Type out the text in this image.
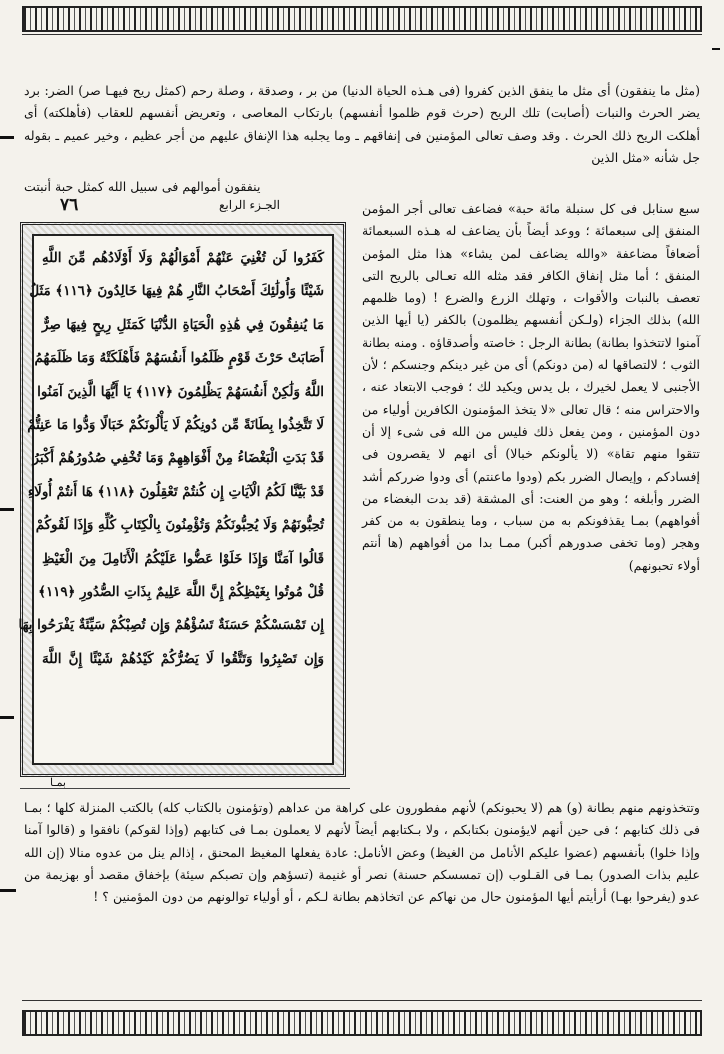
(مثل ما ينفقون) أى مثل ما ينفق الذين كفروا (فى هـذه الحياة الدنيا) من بر ، وصدقة ، وصلة رحم (كمثل ريح فيهـا صر) الضر: برد يضر الحرث والنبات (أصابت) تلك الريح (حرث قوم ظلموا أنفسهم) بارتكاب المعاصى ، وتعريض أنفسهم للعقاب (فأهلكته) أى أهلكت الريح ذلك الحرث . وقد وصف تعالى المؤمنين فى إنفاقهم ـ وما يجلبه هذا الإنفاق عليهم من أجر عظيم ، وخير عميم ـ بقوله جل شأنه «مثل الذين

ينفقون أموالهم فى سبيل الله كمثل حبة أنبتت

٧٦	الجـزء الرابع

كَفَرُوا لَن تُغْنِيَ عَنْهُمْ أَمْوَالُهُمْ وَلَا أَوْلَادُهُم مِّنَ اللَّهِ

شَيْئًا وَأُولَٰئِكَ أَصْحَابُ النَّارِ هُمْ فِيهَا خَالِدُونَ ﴿١١٦﴾ مَثَلُ

مَا يُنفِقُونَ فِي هَٰذِهِ الْحَيَاةِ الدُّنْيَا كَمَثَلِ رِيحٍ فِيهَا صِرٌّ

أَصَابَتْ حَرْثَ قَوْمٍ ظَلَمُوا أَنفُسَهُمْ فَأَهْلَكَتْهُ وَمَا ظَلَمَهُمُ

اللَّهُ وَلَٰكِنْ أَنفُسَهُمْ يَظْلِمُونَ ﴿١١٧﴾ يَا أَيُّهَا الَّذِينَ آمَنُوا

لَا تَتَّخِذُوا بِطَانَةً مِّن دُونِكُمْ لَا يَأْلُونَكُمْ خَبَالًا وَدُّوا مَا عَنِتُّمْ

قَدْ بَدَتِ الْبَغْضَاءُ مِنْ أَفْوَاهِهِمْ وَمَا تُخْفِي صُدُورُهُمْ أَكْبَرُ

قَدْ بَيَّنَّا لَكُمُ الْآيَاتِ إِن كُنتُمْ تَعْقِلُونَ ﴿١١٨﴾ هَا أَنتُمْ أُولَاءِ

تُحِبُّونَهُمْ وَلَا يُحِبُّونَكُمْ وَتُؤْمِنُونَ بِالْكِتَابِ كُلِّهِ وَإِذَا لَقُوكُمْ

قَالُوا آمَنَّا وَإِذَا خَلَوْا عَضُّوا عَلَيْكُمُ الْأَنَامِلَ مِنَ الْغَيْظِ

قُلْ مُوتُوا بِغَيْظِكُمْ إِنَّ اللَّهَ عَلِيمٌ بِذَاتِ الصُّدُورِ ﴿١١٩﴾

إِن تَمْسَسْكُمْ حَسَنَةٌ تَسُؤْهُمْ وَإِن تُصِبْكُمْ سَيِّئَةٌ يَفْرَحُوا بِهَا

وَإِن تَصْبِرُوا وَتَتَّقُوا لَا يَضُرُّكُمْ كَيْدُهُمْ شَيْئًا إِنَّ اللَّهَ

بمـا

سبع سنابل فى كل سنبلة مائة حبة» فضاعف تعالى أجر المؤمن المنفق إلى سبعمائة ؛ ووعد أيضاً بأن يضاعف له هـذه السبعمائة أضعافاً مضاعفة «والله يضاعف لمن يشاء» هذا مثل المؤمن المنفق ؛ أما مثل إنفاق الكافر فقد مثله الله تعـالى بالريح التى تعصف بالنبات والأقوات ، وتهلك الزرع والضرع ! (وما ظلمهم الله) بذلك الجزاء (ولـكن أنفسهم يظلمون) بالكفر (يا أيها الذين آمنوا لاتتخذوا بطانة) بطانة الرجل : خاصته وأصدقاؤه . ومنه بطانة الثوب ؛ لالتصاقها له (من دونكم) أى من غير دينكم وجنسكم ؛ لأن الأجنبى لا يعمل لخيرك ، بل يدس ويكيد لك ؛ فوجب الابتعاد عنه ، والاحتراس منه ؛ قال تعالى «لا يتخذ المؤمنون الكافرين أولياء من دون المؤمنين ، ومن يفعل ذلك فليس من الله فى شىء إلا أن تتقوا منهم تقاة» (لا يألونكم خبالا) أى انهم لا يقصرون فى إفسادكم ، وإيصال الضرر بكم (ودوا ماعنتم) أى ودوا ضرركم أشد الضرر وأبلغه ؛ وهو من العنت: أى المشقة (قد بدت البغضاء من أفواههم) بمـا يقذفونكم به من سباب ، وما ينطقون به من كفر وهجر (وما تخفى صدورهم أكبر) ممـا بدا من أفواههم (ها أنتم أولاء تحبونهم)

وتتخذونهم منهم بطانة (و) هم (لا يحبونكم) لأنهم مفطورون على كراهة من عداهم (وتؤمنون بالكتاب كله) بالكتب المنزلة كلها ؛ بمـا فى ذلك كتابهم ؛ فى حين أنهم لايؤمنون بكتابكم ، ولا بـكتابهم أيضاً لأنهم لا يعملون بمـا فى كتابهم (وإذا لقوكم) نافقوا و (قالوا آمنا وإذا خلوا) بأنفسهم (عضوا عليكم الأنامل من الغيظ) وعض الأنامل: عادة يفعلها المغيظ المحنق ، إذالم ينل من عدوه منالا (إن الله عليم بذات الصدور) بمـا فى القـلوب (إن تمسسكم حسنة) نصر أو غنيمة (تسؤهم وإن تصبكم سيئة) بإخفاق مقصد أو بهزيمة من عدو (يفرحوا بهـا) أرأيتم أيها المؤمنون حال من نهاكم عن اتخاذهم بطانة لـكم ، أو أولياء توالونهم من دون المؤمنين ؟ !
